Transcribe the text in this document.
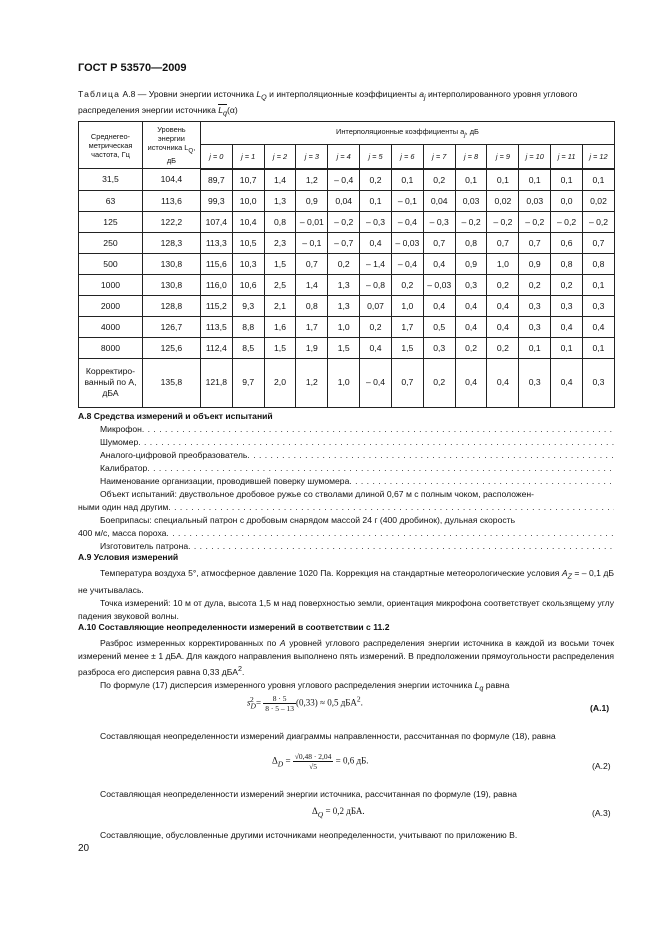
ГОСТ Р 53570—2009
Таблица А.8 — Уровни энергии источника $L_Q$ и интерполяционные коэффициенты $a_j$ интерполированного уровня углового распределения энергии источника $L_q(\alpha)$
Среднегео-метрическая частота, Гц	Уровень энергии источника $L_Q$, дБ	Интерполяционные коэффициенты $a_j$, дБ												
		j = 0	j = 1	j = 2	j = 3	j = 4	j = 5	j = 6	j = 7	j = 8	j = 9	j = 10	j = 11	j = 12
31,5	104,4	89,7	10,7	1,4	1,2	– 0,4	0,2	0,1	0,2	0,1	0,1	0,1	0,1	0,1
63	113,6	99,3	10,0	1,3	0,9	0,04	0,1	– 0,1	0,04	0,03	0,02	0,03	0,0	0,02
125	122,2	107,4	10,4	0,8	– 0,01	– 0,2	– 0,3	– 0,4	– 0,3	– 0,2	– 0,2	– 0,2	– 0,2	– 0,2
250	128,3	113,3	10,5	2,3	– 0,1	– 0,7	0,4	– 0,03	0,7	0,8	0,7	0,7	0,6	0,7
500	130,8	115,6	10,3	1,5	0,7	0,2	– 1,4	– 0,4	0,4	0,9	1,0	0,9	0,8	0,8
1000	130,8	116,0	10,6	2,5	1,4	1,3	– 0,8	0,2	– 0,03	0,3	0,2	0,2	0,2	0,1
2000	128,8	115,2	9,3	2,1	0,8	1,3	0,07	1,0	0,4	0,4	0,4	0,3	0,3	0,3
4000	126,7	113,5	8,8	1,6	1,7	1,0	0,2	1,7	0,5	0,4	0,4	0,3	0,4	0,4
8000	125,6	112,4	8,5	1,5	1,9	1,5	0,4	1,5	0,3	0,2	0,2	0,1	0,1	0,1
Корректиро-ванный по А, дБА	135,8	121,8	9,7	2,0	1,2	1,0	– 0,4	0,7	0,2	0,4	0,4	0,3	0,4	0,3
А.8 Средства измерений и объект испытаний
Микрофон
. . .
Шумомер
. . .
Аналого-цифровой преобразователь
. . .
Калибратор
. . .
Наименование организации, проводившей поверку шумомера
. . .
Объект испытаний: двуствольное дробовое ружье со стволами длиной 0,67 м с полным чоком, расположен-
ными один над другим
. . .
Боеприпасы: специальный патрон с дробовым снарядом массой 24 г (400 дробинок), дульная скорость
400 м/с, масса пороха
. . .
Изготовитель патрона
. . .
А.9 Условия измерений
Температура воздуха 5°, атмосферное давление 1020 Па. Коррекция на стандартные метеорологические условия $A_Z$ = – 0,1 дБ не учитывалась.
Точка измерений: 10 м от дула, высота 1,5 м над поверхностью земли, ориентация микрофона соответствует скользящему углу падения звуковой волны.
А.10 Составляющие неопределенности измерений в соответствии с 11.2
Разброс измеренных корректированных по А уровней углового распределения энергии источника в каждой из восьми точек измерений менее ± 1 дБА. Для каждого направления выполнено пять измерений. В предположении прямоугольности распределения разброса его дисперсия равна 0,33 дБА$^2$.
По формуле (17) дисперсия измеренного уровня углового распределения энергии источника $L_q$ равна
$s_D^2 = \frac{8 \cdot 5}{8 \cdot 5 - 13} (0,33) \approx 0,5$ дБА$^2$.
(А.1)
Составляющая неопределенности измерений диаграммы направленности, рассчитанная по формуле (18), равна
$\Delta_D = \frac{√0,48 \cdot 2,04}{√5} = 0,6$ дБ.
(А.2)
Составляющая неопределенности измерений энергии источника, рассчитанная по формуле (19), равна
$\Delta_Q = 0,2$ дБА.	(А.3)
Составляющие, обусловленные другими источниками неопределенности, учитывают по приложению В.
20
